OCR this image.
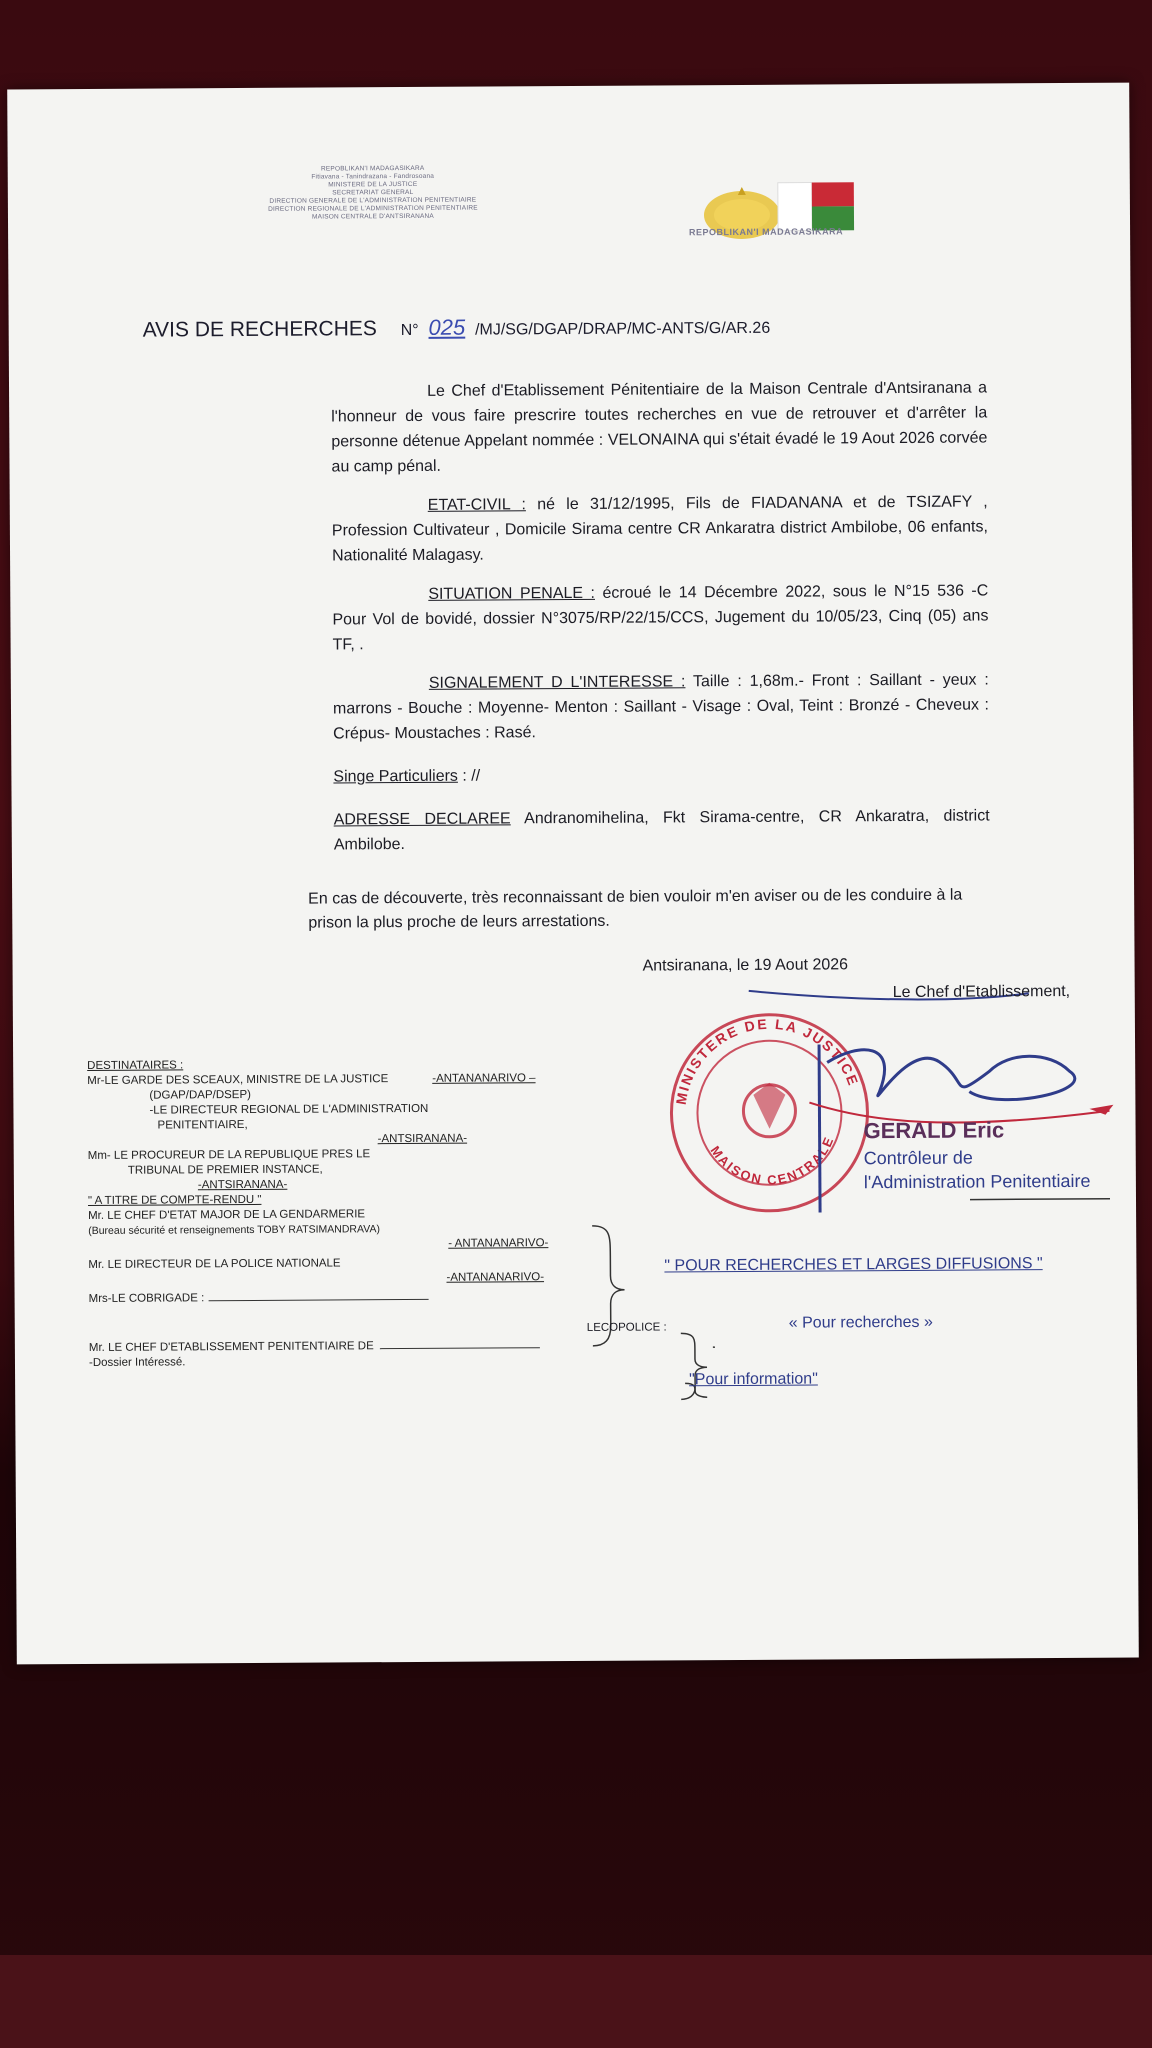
REPOBLIKAN'I MADAGASIKARA
Fitiavana - Tanindrazana - Fandrosoana
MINISTERE DE LA JUSTICE
SECRETARIAT GENERAL
DIRECTION GENERALE DE L'ADMINISTRATION PENITENTIAIRE
DIRECTION REGIONALE DE L'ADMINISTRATION PENITENTIAIRE
MAISON CENTRALE D'ANTSIRANANA
REPOBLIKAN'I MADAGASIKARA
AVIS DE RECHERCHES N° 025 /MJ/SG/DGAP/DRAP/MC-ANTS/G/AR.26

Le Chef d'Etablissement Pénitentiaire de la Maison Centrale d'Antsiranana a l'honneur de vous faire prescrire toutes recherches en vue de retrouver et d'arrêter la personne détenue Appelant nommée : VELONAINA qui s'était évadé le 19 Aout 2026 corvée au camp pénal.

ETAT-CIVIL : né le 31/12/1995, Fils de FIADANANA et de TSIZAFY , Profession Cultivateur , Domicile Sirama centre CR Ankaratra district Ambilobe, 06 enfants, Nationalité Malagasy.

SITUATION PENALE : écroué le 14 Décembre 2022, sous le N°15 536 -C Pour Vol de bovidé, dossier N°3075/RP/22/15/CCS, Jugement du 10/05/23, Cinq (05) ans TF, .

SIGNALEMENT D L'INTERESSE : Taille : 1,68m.- Front : Saillant - yeux : marrons - Bouche : Moyenne- Menton : Saillant - Visage : Oval, Teint : Bronzé - Cheveux : Crépus- Moustaches : Rasé.

Singe Particuliers : //

ADRESSE DECLAREE Andranomihelina, Fkt Sirama-centre, CR Ankaratra, district Ambilobe.

En cas de découverte, très reconnaissant de bien vouloir m'en aviser ou de les conduire à la prison la plus proche de leurs arrestations.
Antsiranana, le 19 Aout 2026
MINISTERE DE LA JUSTICE
MAISON CENTRALE
Le Chef d'Etablissement,
GERALD Eric
Contrôleur de
l'Administration Penitentiaire
DESTINATAIRES :
Mr-LE GARDE DES SCEAUX, MINISTRE DE LA JUSTICE	-ANTANANARIVO –
(DGAP/DAP/DSEP)
-LE DIRECTEUR REGIONAL DE L'ADMINISTRATION
PENITENTIAIRE,
-ANTSIRANANA-
Mm- LE PROCUREUR DE LA REPUBLIQUE PRES LE
TRIBUNAL DE PREMIER INSTANCE,
-ANTSIRANANA-
" A TITRE DE COMPTE-RENDU "
Mr. LE CHEF D'ETAT MAJOR DE LA GENDARMERIE
(Bureau sécurité et renseignements TOBY RATSIMANDRAVA)
- ANTANANARIVO-
Mr. LE DIRECTEUR DE LA POLICE NATIONALE
-ANTANANARIVO-
Mrs-LE COBRIGADE :
Mr. LE CHEF D'ETABLISSEMENT PENITENTIAIRE DE
-Dossier Intéressé.
" POUR RECHERCHES ET LARGES DIFFUSIONS "
LECOPOLICE :	« Pour recherches »
"Pour information"
